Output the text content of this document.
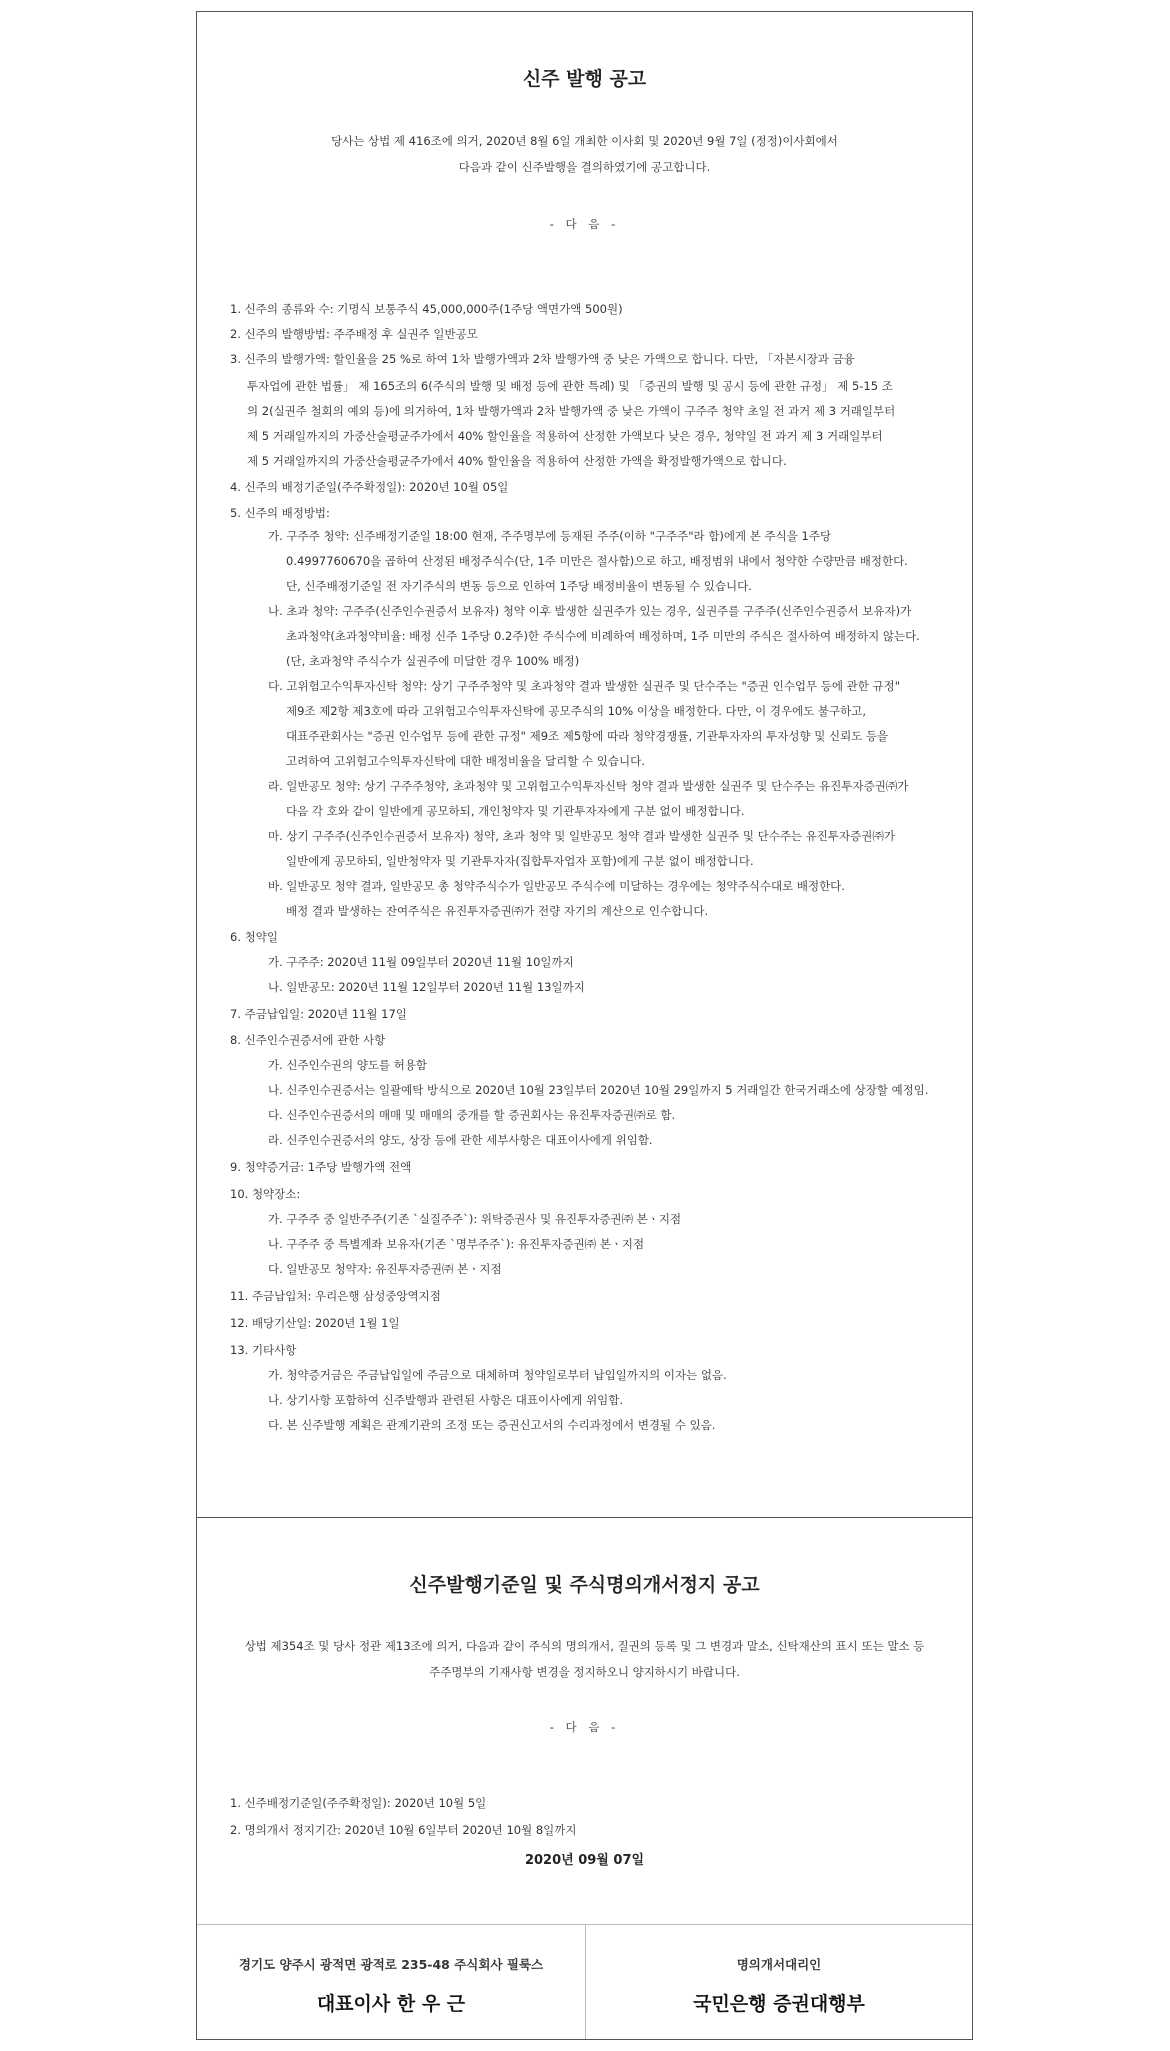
신주 발행 공고
당사는 상법 제 416조에 의거, 2020년 8월 6일 개최한 이사회 및 2020년 9월 7일 (정정)이사회에서
다음과 같이 신주발행을 결의하였기에 공고합니다.
- 다 음 -
1. 신주의 종류와 수: 기명식 보통주식 45,000,000주(1주당 액면가액 500원)
2. 신주의 발행방법: 주주배정 후 실권주 일반공모
3. 신주의 발행가액: 할인율을 25 %로 하여 1차 발행가액과 2차 발행가액 중 낮은 가액으로 합니다. 다만, 「자본시장과 금융
투자업에 관한 법률」 제 165조의 6(주식의 발행 및 배정 등에 관한 특례) 및 「증권의 발행 및 공시 등에 관한 규정」 제 5-15 조
의 2(실권주 철회의 예외 등)에 의거하여, 1차 발행가액과 2차 발행가액 중 낮은 가액이 구주주 청약 초일 전 과거 제 3 거래일부터
제 5 거래일까지의 가중산술평균주가에서 40% 할인율을 적용하여 산정한 가액보다 낮은 경우, 청약일 전 과거 제 3 거래일부터
제 5 거래일까지의 가중산술평균주가에서 40% 할인율을 적용하여 산정한 가액을 확정발행가액으로 합니다.
4. 신주의 배정기준일(주주확정일): 2020년 10월 05일
5. 신주의 배정방법:
가. 구주주 청약: 신주배정기준일 18:00 현재, 주주명부에 등재된 주주(이하 "구주주"라 함)에게 본 주식을 1주당
0.4997760670을 곱하여 산정된 배정주식수(단, 1주 미만은 절사함)으로 하고, 배정범위 내에서 청약한 수량만큼 배정한다.
단, 신주배정기준일 전 자기주식의 변동 등으로 인하여 1주당 배정비율이 변동될 수 있습니다.
나. 초과 청약: 구주주(신주인수권증서 보유자) 청약 이후 발생한 실권주가 있는 경우, 실권주를 구주주(신주인수권증서 보유자)가
초과청약(초과청약비율: 배정 신주 1주당 0.2주)한 주식수에 비례하여 배정하며, 1주 미만의 주식은 절사하여 배정하지 않는다.
(단, 초과청약 주식수가 실권주에 미달한 경우 100% 배정)
다. 고위험고수익투자신탁 청약: 상기 구주주청약 및 초과청약 결과 발생한 실권주 및 단수주는 "증권 인수업무 등에 관한 규정"
제9조 제2항 제3호에 따라 고위험고수익투자신탁에 공모주식의 10% 이상을 배정한다. 다만, 이 경우에도 불구하고,
대표주관회사는 "증권 인수업무 등에 관한 규정" 제9조 제5항에 따라 청약경쟁률, 기관투자자의 투자성향 및 신뢰도 등을
고려하여 고위험고수익투자신탁에 대한 배정비율을 달리할 수 있습니다.
라. 일반공모 청약: 상기 구주주청약, 초과청약 및 고위험고수익투자신탁 청약 결과 발생한 실권주 및 단수주는 유진투자증권㈜가
다음 각 호와 같이 일반에게 공모하되, 개인청약자 및 기관투자자에게 구분 없이 배정합니다.
마. 상기 구주주(신주인수권증서 보유자) 청약, 초과 청약 및 일반공모 청약 결과 발생한 실권주 및 단수주는 유진투자증권㈜가
일반에게 공모하되, 일반청약자 및 기관투자자(집합투자업자 포함)에게 구분 없이 배정합니다.
바. 일반공모 청약 결과, 일반공모 총 청약주식수가 일반공모 주식수에 미달하는 경우에는 청약주식수대로 배정한다.
배정 결과 발생하는 잔여주식은 유진투자증권㈜가 전량 자기의 계산으로 인수합니다.
6. 청약일
가. 구주주: 2020년 11월 09일부터 2020년 11월 10일까지
나. 일반공모: 2020년 11월 12일부터 2020년 11월 13일까지
7. 주금납입일: 2020년 11월 17일
8. 신주인수권증서에 관한 사항
가. 신주인수권의 양도를 허용함
나. 신주인수권증서는 일괄예탁 방식으로 2020년 10월 23일부터 2020년 10월 29일까지 5 거래일간 한국거래소에 상장할 예정임.
다. 신주인수권증서의 매매 및 매매의 중개를 할 증권회사는 유진투자증권㈜로 함.
라. 신주인수권증서의 양도, 상장 등에 관한 세부사항은 대표이사에게 위임함.
9. 청약증거금: 1주당 발행가액 전액
10. 청약장소:
가. 구주주 중 일반주주(기존 `실질주주`): 위탁증권사 및 유진투자증권㈜ 본ㆍ지점
나. 구주주 중 특별계좌 보유자(기존 `명부주주`): 유진투자증권㈜ 본ㆍ지점
다. 일반공모 청약자: 유진투자증권㈜ 본ㆍ지점
11. 주금납입처: 우리은행 삼성중앙역지점
12. 배당기산일: 2020년 1월 1일
13. 기타사항
가. 청약증거금은 주금납입일에 주금으로 대체하며 청약일로부터 납입일까지의 이자는 없음.
나. 상기사항 포함하여 신주발행과 관련된 사항은 대표이사에게 위임함.
다. 본 신주발행 계획은 관계기관의 조정 또는 증권신고서의 수리과정에서 변경될 수 있음.
신주발행기준일 및 주식명의개서정지 공고
상법 제354조 및 당사 정관 제13조에 의거, 다음과 같이 주식의 명의개서, 질권의 등록 및 그 변경과 말소, 신탁재산의 표시 또는 말소 등
주주명부의 기재사항 변경을 정지하오니 양지하시기 바랍니다.
- 다 음 -
1. 신주배정기준일(주주확정일): 2020년 10월 5일
2. 명의개서 정지기간: 2020년 10월 6일부터 2020년 10월 8일까지
2020년 09월 07일
경기도 양주시 광적면 광적로 235-48 주식회사 필룩스
대표이사 한 우 근
명의개서대리인
국민은행 증권대행부
